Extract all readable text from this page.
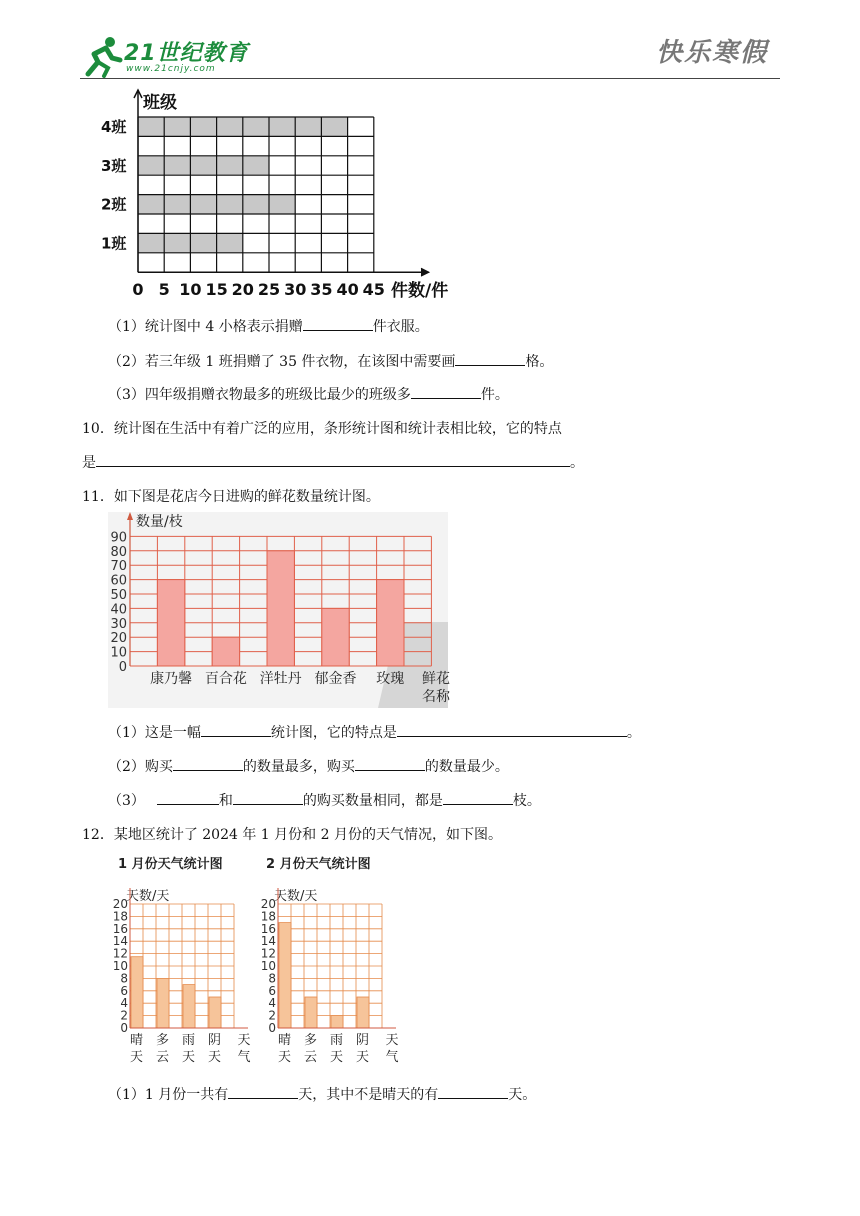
21世纪教育
www.21cnjy.com
快乐寒假
4班
3班
2班
1班
班级
0 5 10 15 20 25 30 35 40 45 件数/件
（1）统计图中 4 小格表示捐赠	件衣服。
（2）若三年级 1 班捐赠了 35 件衣物，在该图中需要画	格。
（3）四年级捐赠衣物最多的班级比最少的班级多	件。
10．统计图在生活中有着广泛的应用，条形统计图和统计表相比较，它的特点
是	。
11．如下图是花店今日进购的鲜花数量统计图。
0
10
20
30
40
50
60
70
80
90
康乃馨 百合花 洋牡丹 郁金香 玫瑰
数量/枝
鲜花
名称
（1）这是一幅	统计图，它的特点是	。
（2）购买	的数量最多，购买	的数量最少。
（3）	和	的购买数量相同，都是	枝。
12．某地区统计了 2024 年 1 月份和 2 月份的天气情况，如下图。
1 月份天气统计图
天数/天
0
2
4
6
8
10
12
14
16
18
20
晴
天
多
云
雨
天
阴
天
天
气
2 月份天气统计图
天数/天
0
2
4
6
8
10
12
14
16
18
20
晴
天
多
云
雨
天
阴
天
天
气
（1）1 月份一共有	天，其中不是晴天的有	天。
